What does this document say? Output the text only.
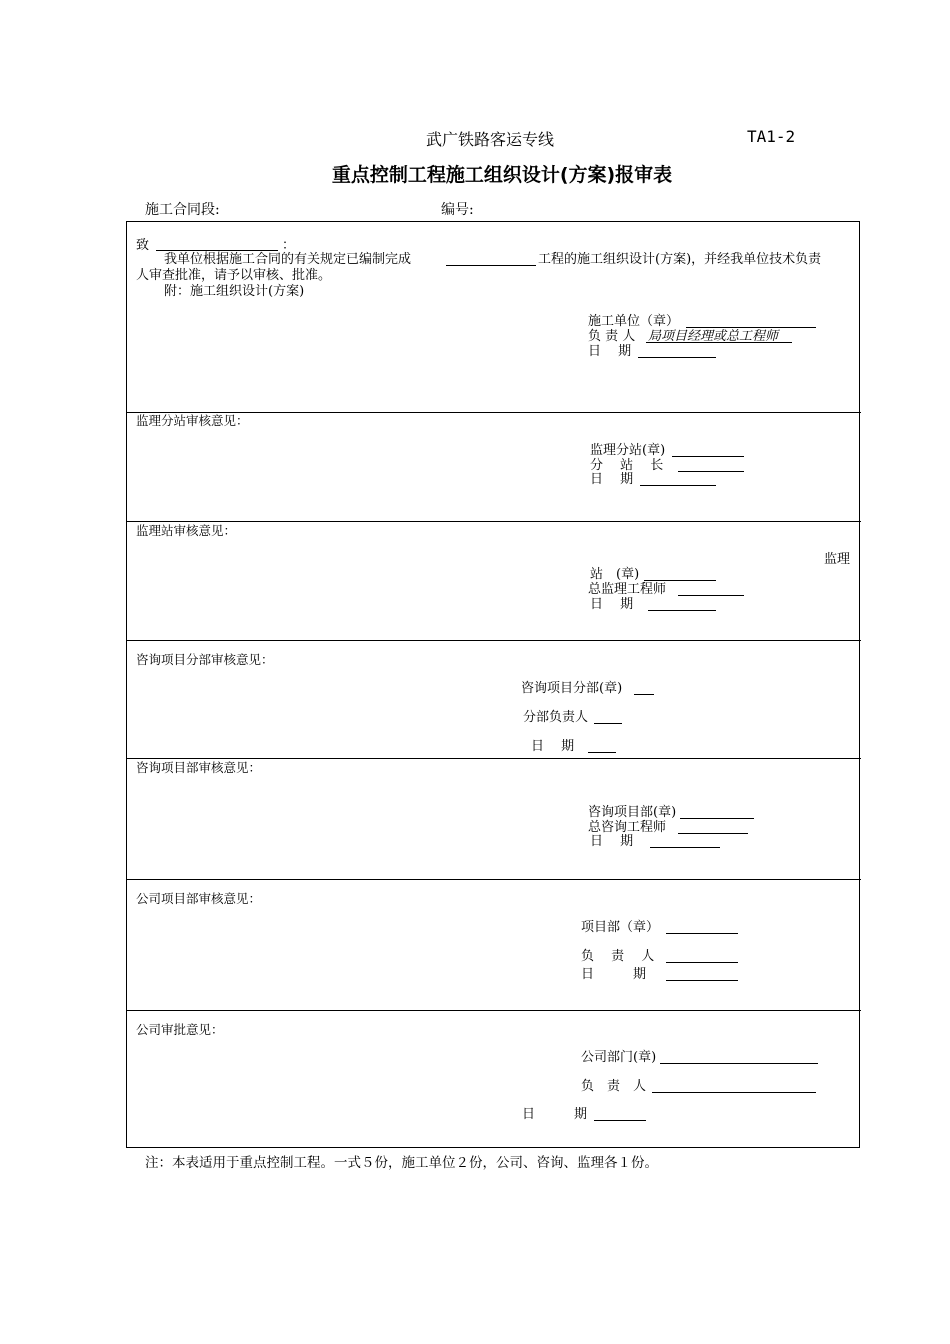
武广铁路客运专线	TA1-2
重点控制工程施工组织设计(方案)报审表
施工合同段:	编号:
致	：
我单位根据施工合同的有关规定已编制完成	工程的施工组织设计(方案)，并经我单位技术负责
人审查批准，请予以审核、批准。
附：施工组织设计(方案)
施工单位（章）
负 责 人 局项目经理或总工程师
日　 期
监理分站审核意见：
监理分站(章)
分　 站　 长
日　 期
监理站审核意见：
监理
站　(章)
总监理工程师
日　 期
咨询项目分部审核意见：
咨询项目分部(章)
分部负责人
日　 期
咨询项目部审核意见：
咨询项目部(章)
总咨询工程师
日　 期
公司项目部审核意见：
项目部（章）
负　 责　 人
日　　　期
公司审批意见：
公司部门(章)
负　责　人
日　　　期
注：本表适用于重点控制工程。一式５份，施工单位２份，公司、咨询、监理各１份。
